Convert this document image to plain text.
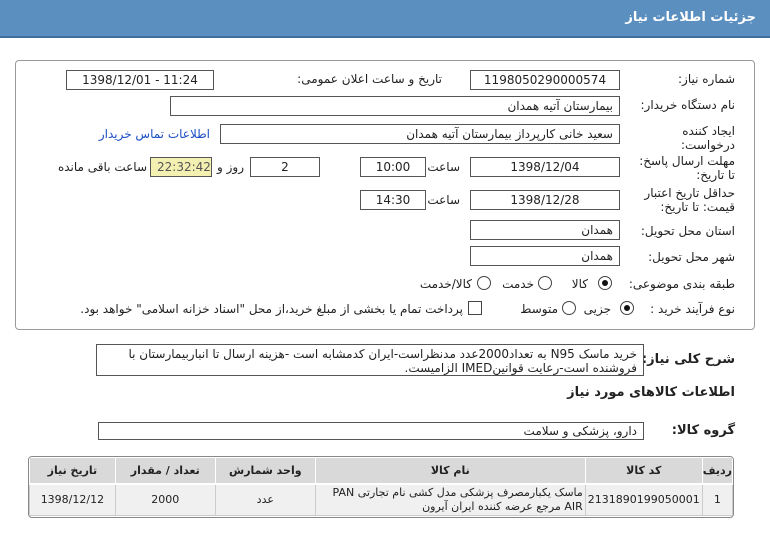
جزئیات اطلاعات نیاز
شماره نیاز:
1198050290000574
تاریخ و ساعت اعلان عمومی:
1398/12/01 - 11:24
نام دستگاه خریدار:
بیمارستان آتیه همدان
ایجاد کننده
درخواست:
سعید خانی کارپرداز بیمارستان آتیه همدان
اطلاعات تماس خریدار
مهلت ارسال پاسخ:
تا تاریخ:
1398/12/04
ساعت
10:00
2
روز و
22:32:42
ساعت باقی مانده
حداقل تاریخ اعتبار
قیمت: تا تاریخ:
1398/12/28
ساعت
14:30
استان محل تحویل:
همدان
شهر محل تحویل:
همدان
طبقه بندی موضوعی:
کالا
خدمت
کالا/خدمت
نوع فرآیند خرید :
جزیی
متوسط
پرداخت تمام یا بخشی از مبلغ خرید،از محل "اسناد خزانه اسلامی" خواهد بود.
شرح کلی نیاز:
خرید ماسک N95 به تعداد2000عدد مدنظراست-ایران کدمشابه است -هزینه ارسال تا انباربیمارستان با فروشنده است-رعایت قوانینIMED الزامیست.
اطلاعات کالاهای مورد نیاز
گروه کالا:
دارو، پزشکی و سلامت
ردیف	کد کالا	نام کالا	واحد شمارش	تعداد / مقدار	تاریخ نیاز
1	2131890199050001	ماسک یکبارمصرف پزشکی مدل کشی نام تجارتی PAN AIR مرجع عرضه کننده ایران آیرون	عدد	2000	1398/12/12
